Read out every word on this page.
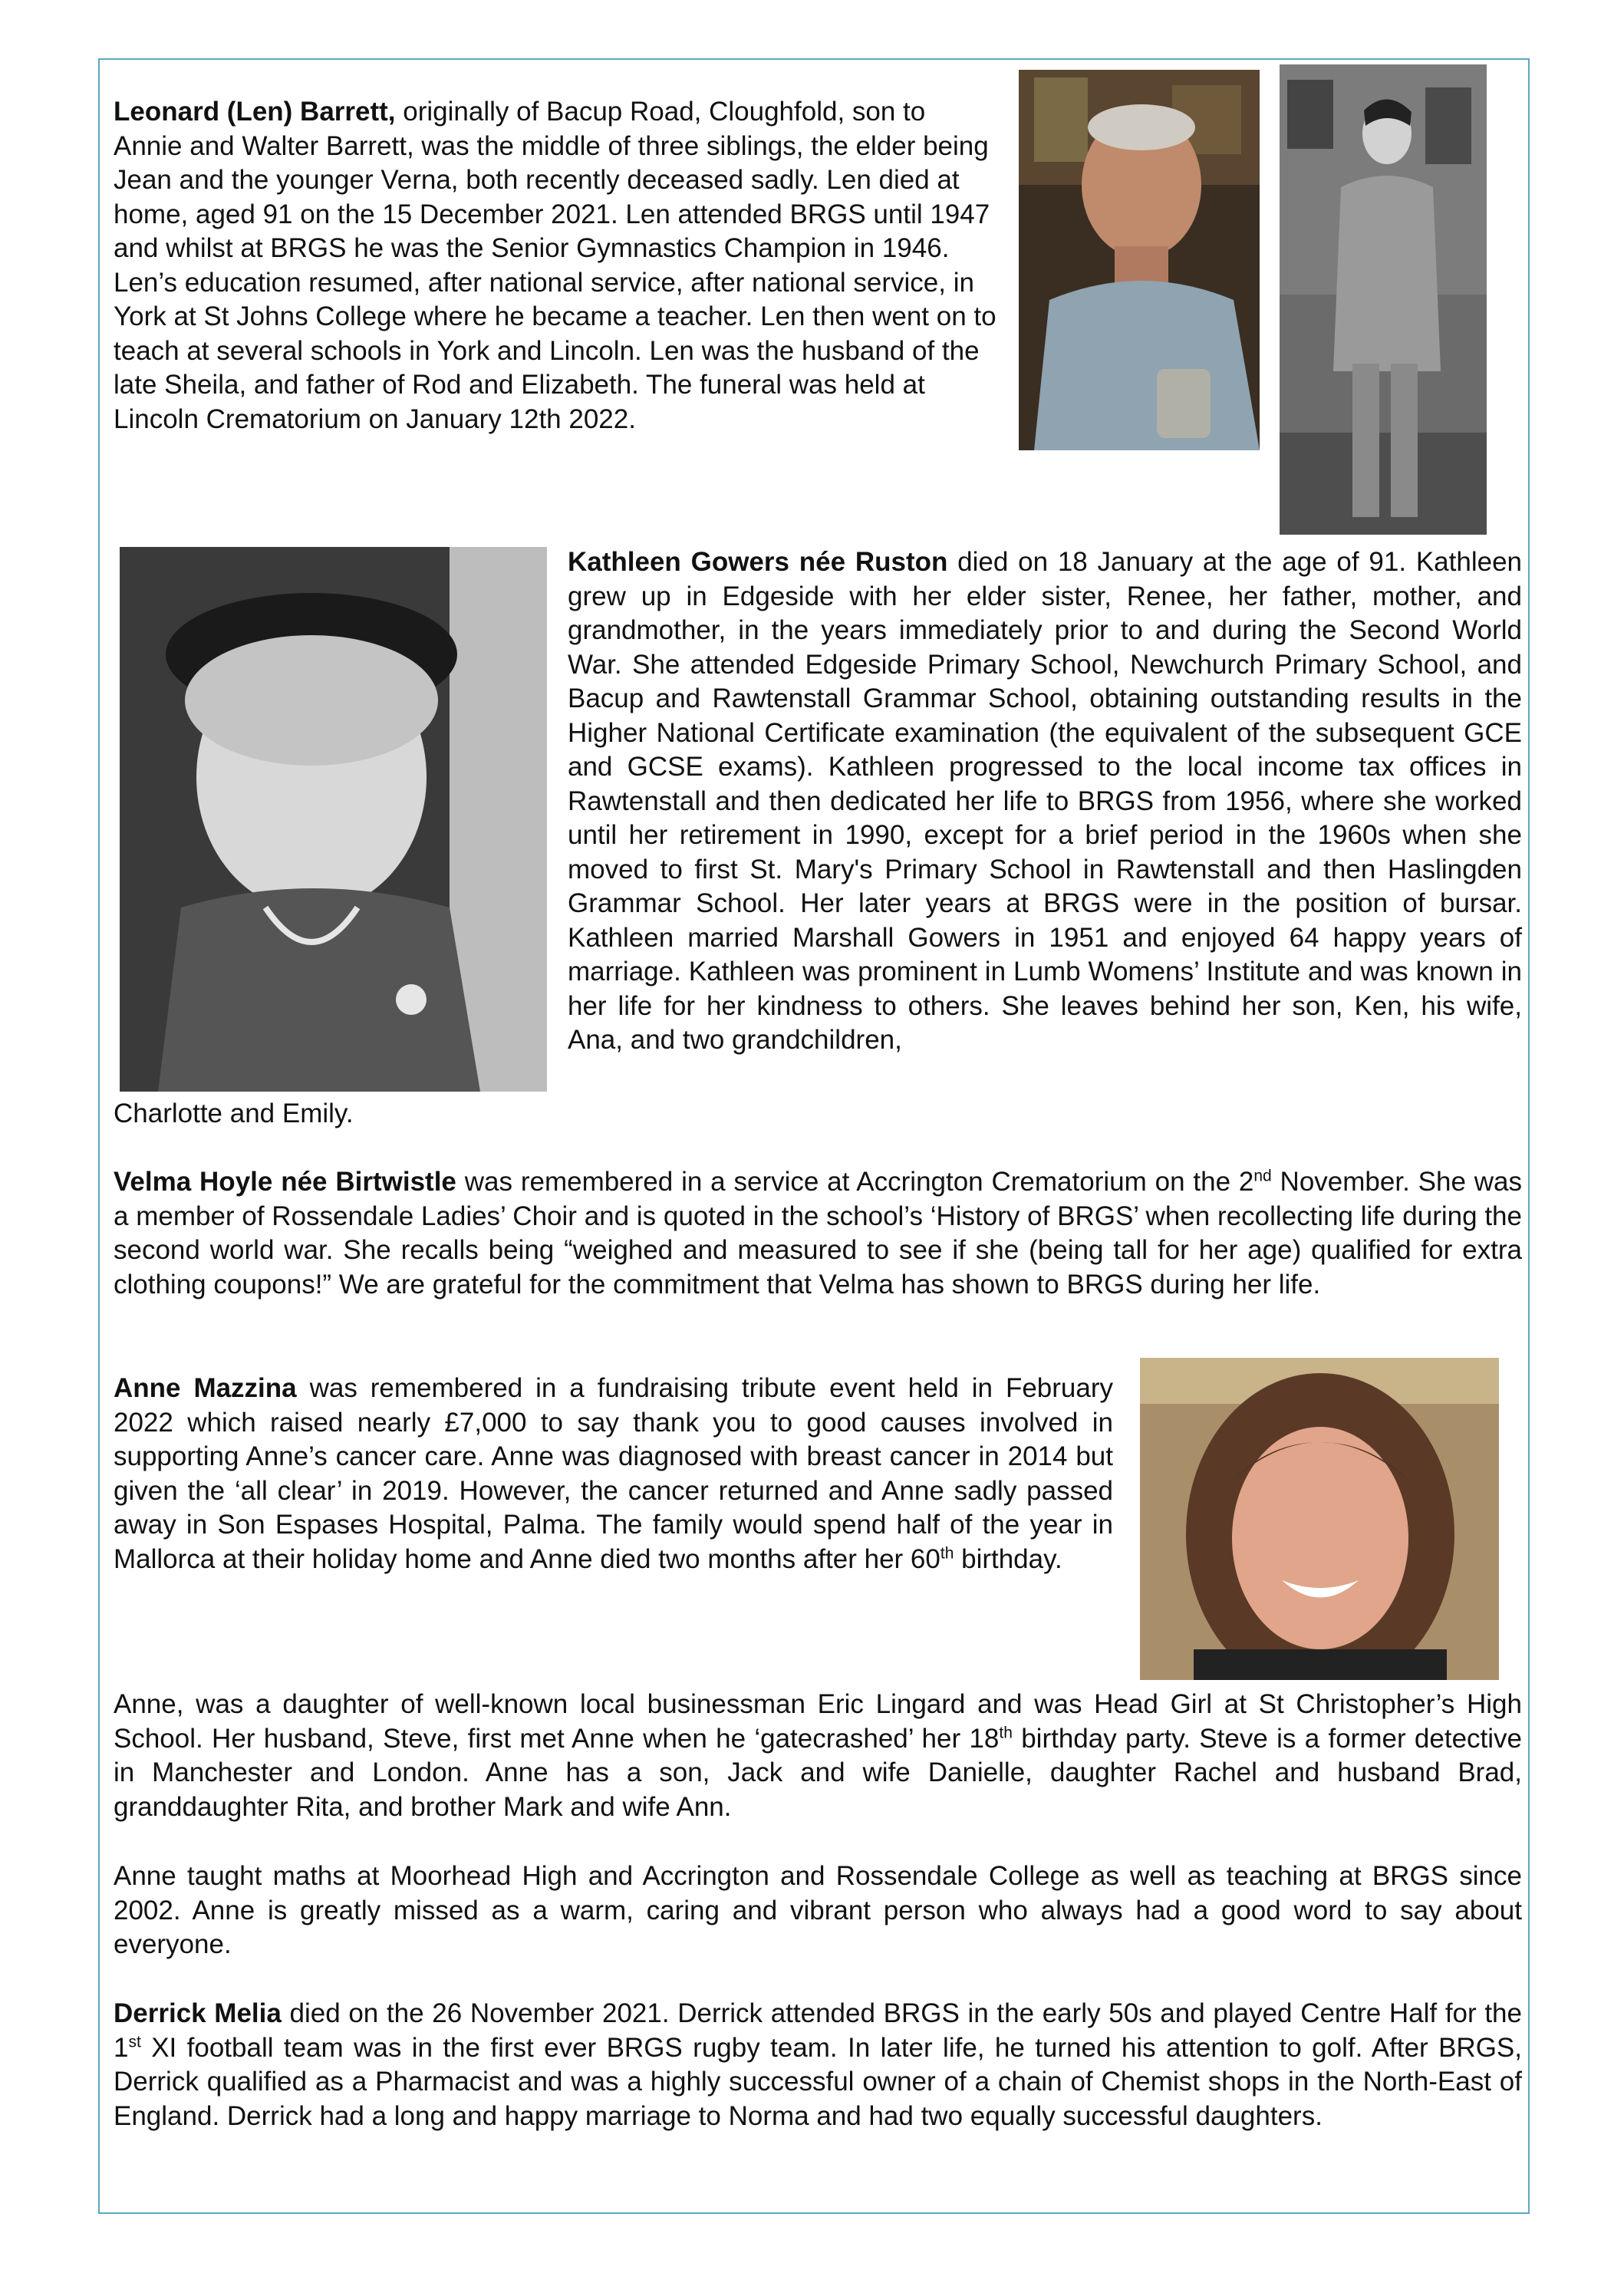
Leonard (Len) Barrett, originally of Bacup Road, Cloughfold, son to Annie and Walter Barrett, was the middle of three siblings, the elder being Jean and the younger Verna, both recently deceased sadly. Len died at home, aged 91 on the 15 December 2021. Len attended BRGS until 1947 and whilst at BRGS he was the Senior Gymnastics Champion in 1946. Len’s education resumed, after national service, after national service, in York at St Johns College where he became a teacher. Len then went on to teach at several schools in York and Lincoln. Len was the husband of the late Sheila, and father of Rod and Elizabeth. The funeral was held at Lincoln Crematorium on January 12th 2022.

Kathleen Gowers née Ruston died on 18 January at the age of 91. Kathleen grew up in Edgeside with her elder sister, Renee, her father, mother, and grandmother, in the years immediately prior to and during the Second World War. She attended Edgeside Primary School, Newchurch Primary School, and Bacup and Rawtenstall Grammar School, obtaining outstanding results in the Higher National Certificate examination (the equivalent of the subsequent GCE and GCSE exams). Kathleen progressed to the local income tax offices in Rawtenstall and then dedicated her life to BRGS from 1956, where she worked until her retirement in 1990, except for a brief period in the 1960s when she moved to first St. Mary's Primary School in Rawtenstall and then Haslingden Grammar School. Her later years at BRGS were in the position of bursar. Kathleen married Marshall Gowers in 1951 and enjoyed 64 happy years of marriage. Kathleen was prominent in Lumb Womens’ Institute and was known in her life for her kindness to others. She leaves behind her son, Ken, his wife, Ana, and two grandchildren,

Charlotte and Emily.

Velma Hoyle née Birtwistle was remembered in a service at Accrington Crematorium on the 2nd November. She was a member of Rossendale Ladies’ Choir and is quoted in the school’s ‘History of BRGS’ when recollecting life during the second world war. She recalls being “weighed and measured to see if she (being tall for her age) qualified for extra clothing coupons!” We are grateful for the commitment that Velma has shown to BRGS during her life.

Anne Mazzina was remembered in a fundraising tribute event held in February 2022 which raised nearly £7,000 to say thank you to good causes involved in supporting Anne’s cancer care. Anne was diagnosed with breast cancer in 2014 but given the ‘all clear’ in 2019. However, the cancer returned and Anne sadly passed away in Son Espases Hospital, Palma. The family would spend half of the year in Mallorca at their holiday home and Anne died two months after her 60th birthday.

Anne, was a daughter of well-known local businessman Eric Lingard and was Head Girl at St Christopher’s High School. Her husband, Steve, first met Anne when he ‘gatecrashed’ her 18th birthday party. Steve is a former detective in Manchester and London. Anne has a son, Jack and wife Danielle, daughter Rachel and husband Brad, granddaughter Rita, and brother Mark and wife Ann.

Anne taught maths at Moorhead High and Accrington and Rossendale College as well as teaching at BRGS since 2002. Anne is greatly missed as a warm, caring and vibrant person who always had a good word to say about everyone.

Derrick Melia died on the 26 November 2021. Derrick attended BRGS in the early 50s and played Centre Half for the 1st XI football team was in the first ever BRGS rugby team. In later life, he turned his attention to golf. After BRGS, Derrick qualified as a Pharmacist and was a highly successful owner of a chain of Chemist shops in the North-East of England. Derrick had a long and happy marriage to Norma and had two equally successful daughters.
